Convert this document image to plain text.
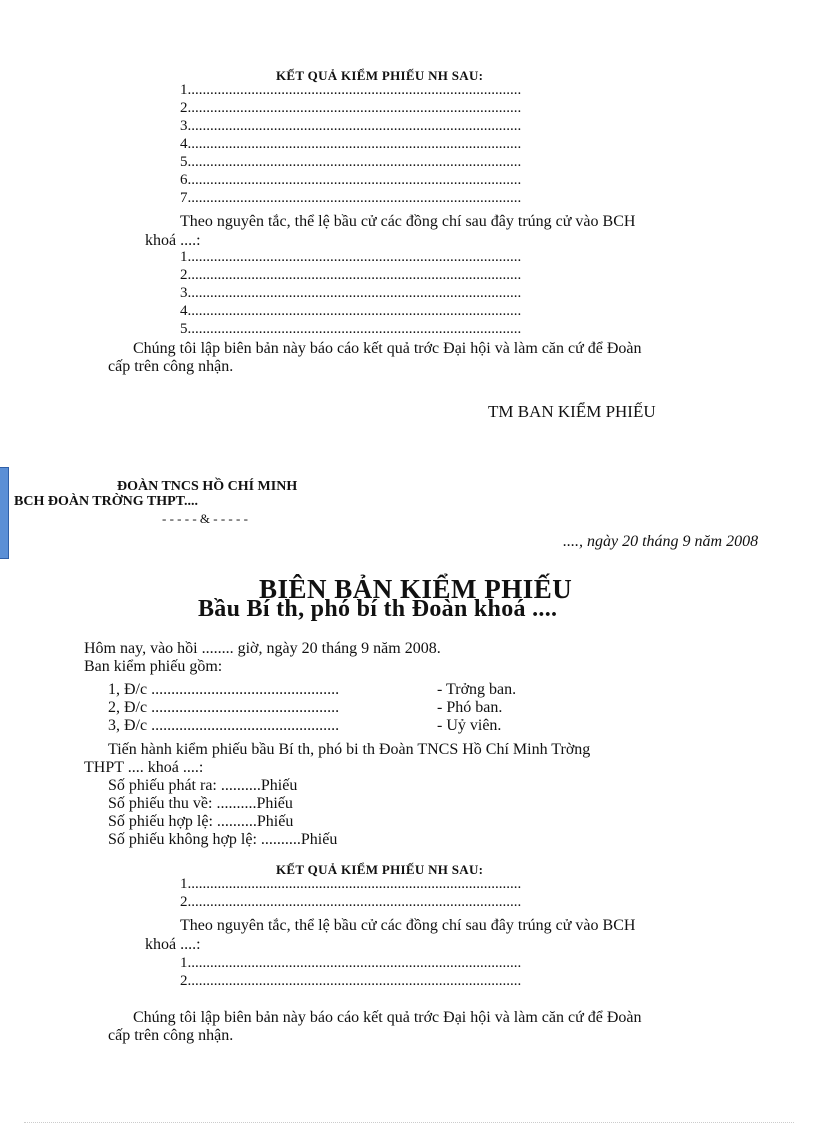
KẾT QUẢ KIỂM PHIẾU NH SAU:
1.........................................................................................
2.........................................................................................
3.........................................................................................
4.........................................................................................
5.........................................................................................
6.........................................................................................
7.........................................................................................
Theo nguyên tắc, thể lệ bầu cử các đồng chí sau đây trúng cử vào BCH
khoá ....:
1.........................................................................................
2.........................................................................................
3.........................................................................................
4.........................................................................................
5.........................................................................................
Chúng tôi lập biên bản này báo cáo kết quả trớc Đại hội và làm căn cứ để Đoàn
cấp trên công nhận.
TM BAN KIỂM PHIẾU
ĐOÀN TNCS HỒ CHÍ MINH
BCH ĐOÀN TRỜNG THPT....
- - - - - & - - - - -
...., ngày 20 tháng 9 năm 2008
BIÊN BẢN KIỂM PHIẾU
Bầu Bí th, phó bí th Đoàn khoá ....
Hôm nay, vào hồi ........ giờ, ngày 20 tháng 9 năm 2008.
Ban kiểm phiếu gồm:
1, Đ/c ...............................................	- Trởng ban.
2, Đ/c ...............................................	- Phó ban.
3, Đ/c ...............................................	- Uỷ viên.
Tiến hành kiểm phiếu bầu Bí th, phó bi th Đoàn TNCS Hồ Chí Minh Trờng
THPT .... khoá ....:
Số phiếu phát ra: ..........Phiếu
Số phiếu thu về: ..........Phiếu
Số phiếu hợp lệ: ..........Phiếu
Số phiếu không hợp lệ: ..........Phiếu
KẾT QUẢ KIỂM PHIẾU NH SAU:
1.........................................................................................
2.........................................................................................
Theo nguyên tắc, thể lệ bầu cử các đồng chí sau đây trúng cử vào BCH
khoá ....:
1.........................................................................................
2.........................................................................................
Chúng tôi lập biên bản này báo cáo kết quả trớc Đại hội và làm căn cứ để Đoàn
cấp trên công nhận.
